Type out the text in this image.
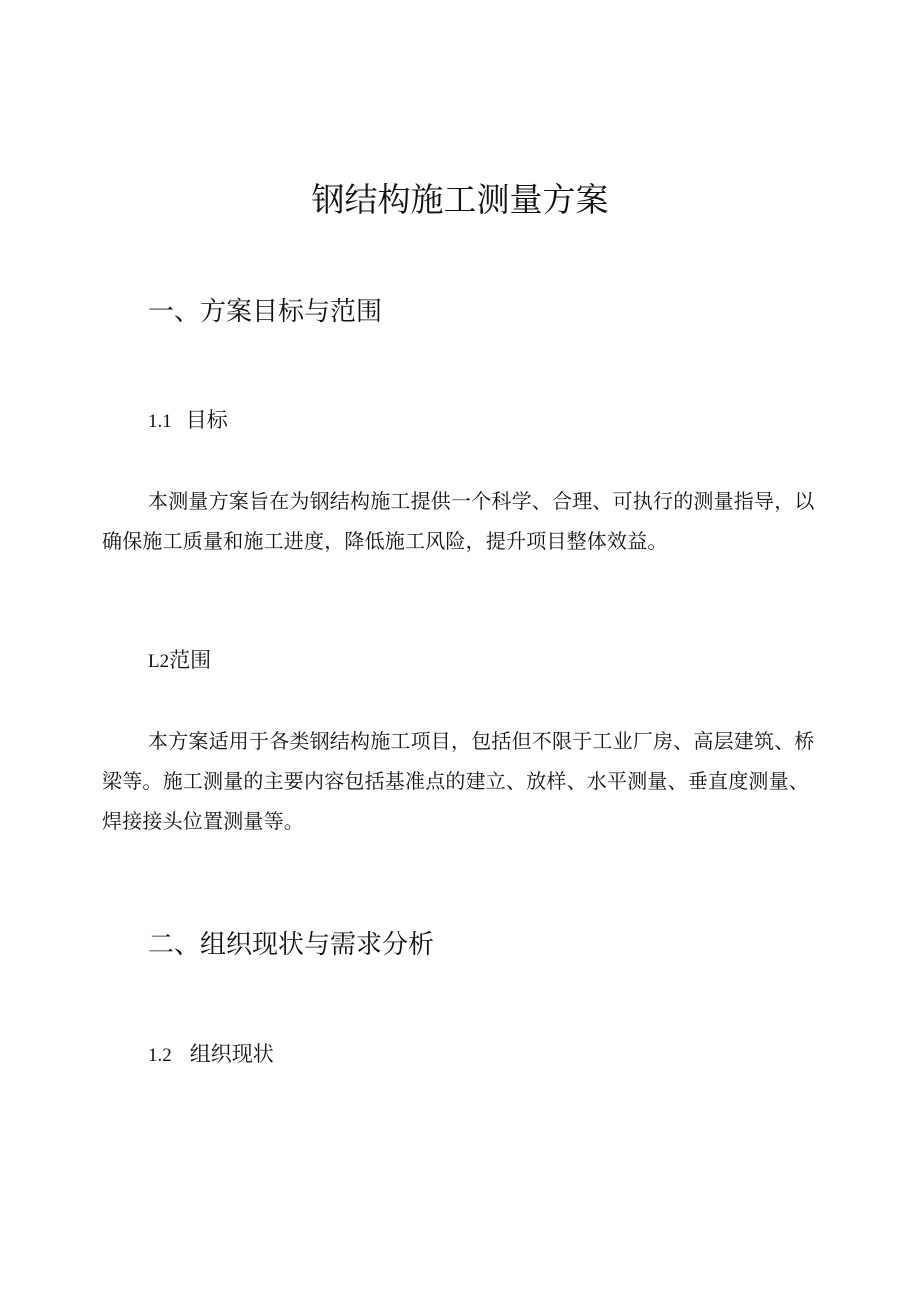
钢结构施工测量方案
一、方案目标与范围
1.1 目标

本测量方案旨在为钢结构施工提供一个科学、合理、可执行的测量指导，以确保施工质量和施工进度，降低施工风险，提升项目整体效益。

L2范围

本方案适用于各类钢结构施工项目，包括但不限于工业厂房、高层建筑、桥梁等。施工测量的主要内容包括基准点的建立、放样、水平测量、垂直度测量、焊接接头位置测量等。

二、组织现状与需求分析
1.2 组织现状
